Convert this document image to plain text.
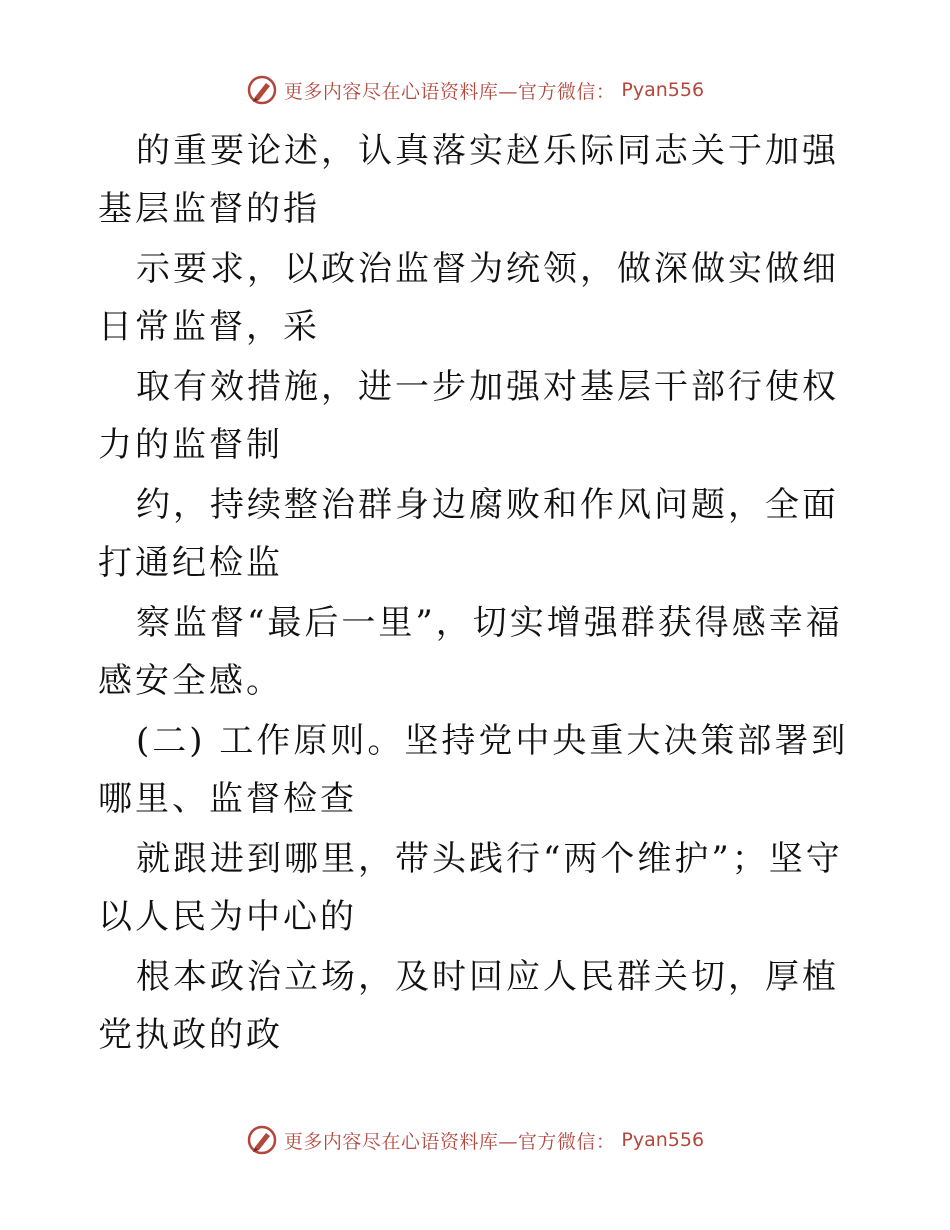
更多内容尽在心语资料库—官方微信： Pyan556

的重要论述，认真落实赵乐际同志关于加强基层监督的指

示要求，以政治监督为统领，做深做实做细日常监督，采

取有效措施，进一步加强对基层干部行使权力的监督制

约，持续整治群身边腐败和作风问题，全面打通纪检监

察监督“最后一里”，切实增强群获得感幸福感安全感。

(二) 工作原则。坚持党中央重大决策部署到哪里、监督检查

就跟进到哪里，带头践行“两个维护”；坚守以人民为中心的

根本政治立场，及时回应人民群关切，厚植党执政的政

更多内容尽在心语资料库—官方微信： Pyan556
